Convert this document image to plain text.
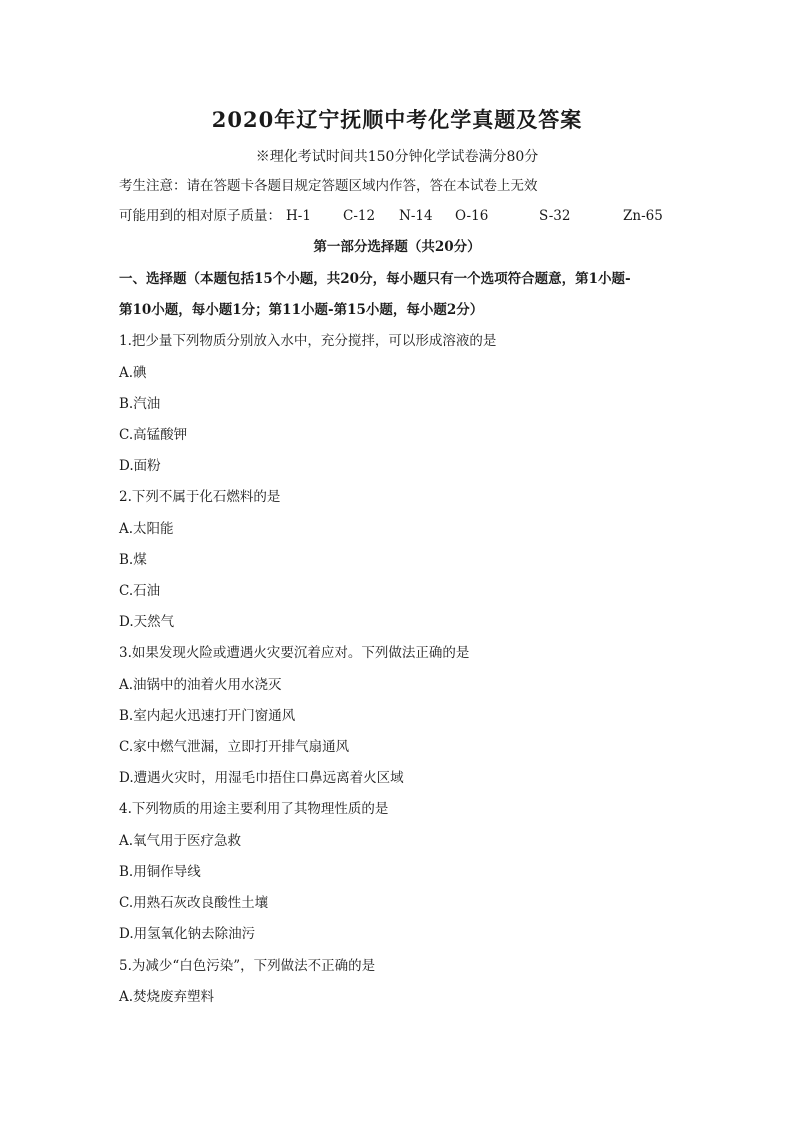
2020年辽宁抚顺中考化学真题及答案
※理化考试时间共150分钟化学试卷满分80分
考生注意：请在答题卡各题目规定答题区域内作答，答在本试卷上无效
可能用到的相对原子质量： H-1 C-12 N-14 O-16	S-32	Zn-65
第一部分选择题（共20分）
一、选择题（本题包括15个小题，共20分，每小题只有一个选项符合题意，第1小题-
第10小题，每小题1分；第11小题-第15小题，每小题2分）
1.把少量下列物质分别放入水中，充分搅拌，可以形成溶液的是
A.碘
B.汽油
C.高锰酸钾
D.面粉
2.下列不属于化石燃料的是
A.太阳能
B.煤
C.石油
D.天然气
3.如果发现火险或遭遇火灾要沉着应对。下列做法正确的是
A.油锅中的油着火用水浇灭
B.室内起火迅速打开门窗通风
C.家中燃气泄漏，立即打开排气扇通风
D.遭遇火灾时，用湿毛巾捂住口鼻远离着火区域
4.下列物质的用途主要利用了其物理性质的是
A.氧气用于医疗急救
B.用铜作导线
C.用熟石灰改良酸性土壤
D.用氢氧化钠去除油污
5.为减少“白色污染”，下列做法不正确的是
A.焚烧废弃塑料
